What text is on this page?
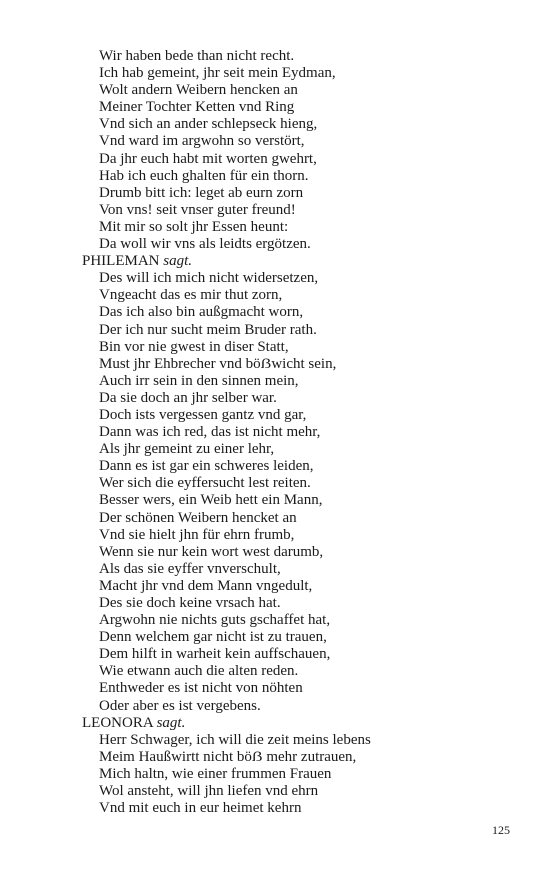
Wir haben bede than nicht recht.
Ich hab gemeint, jhr seit mein Eydman,
Wolt andern Weibern hencken an
Meiner Tochter Ketten vnd Ring
Vnd sich an ander schlepseck hieng,
Vnd ward im argwohn so verstört,
Da jhr euch habt mit worten gwehrt,
Hab ich euch ghalten für ein thorn.
Drumb bitt ich: leget ab eurn zorn
Von vns! seit vnser guter freund!
Mit mir so solt jhr Essen heunt:
Da woll wir vns als leidts ergötzen.
PHILEMAN sagt.
Des will ich mich nicht widersetzen,
Vngeacht das es mir thut zorn,
Das ich also bin außgmacht worn,
Der ich nur sucht meim Bruder rath.
Bin vor nie gwest in diser Statt,
Must jhr Ehbrecher vnd böẞwicht sein,
Auch irr sein in den sinnen mein,
Da sie doch an jhr selber war.
Doch ists vergessen gantz vnd gar,
Dann was ich red, das ist nicht mehr,
Als jhr gemeint zu einer lehr,
Dann es ist gar ein schweres leiden,
Wer sich die eyffersucht lest reiten.
Besser wers, ein Weib hett ein Mann,
Der schönen Weibern hencket an
Vnd sie hielt jhn für ehrn frumb,
Wenn sie nur kein wort west darumb,
Als das sie eyffer vnverschult,
Macht jhr vnd dem Mann vngedult,
Des sie doch keine vrsach hat.
Argwohn nie nichts guts gschaffet hat,
Denn welchem gar nicht ist zu trauen,
Dem hilft in warheit kein auffschauen,
Wie etwann auch die alten reden.
Enthweder es ist nicht von nöhten
Oder aber es ist vergebens.
LEONORA sagt.
Herr Schwager, ich will die zeit meins lebens
Meim Haußwirtt nicht böẞ mehr zutrauen,
Mich haltn, wie einer frummen Frauen
Wol ansteht, will jhn liefen vnd ehrn
Vnd mit euch in eur heimet kehrn
125
